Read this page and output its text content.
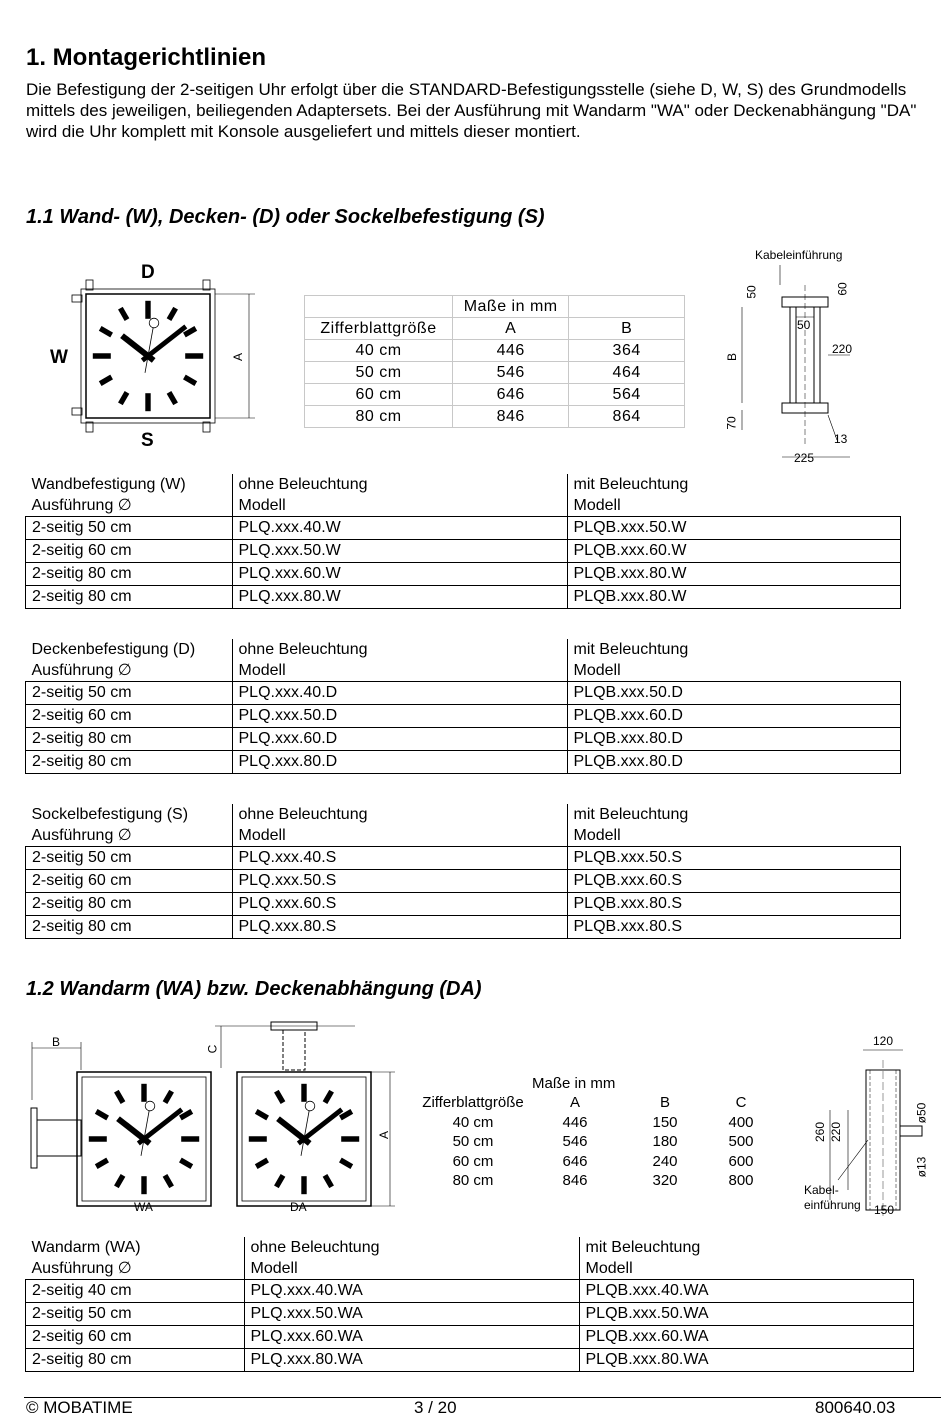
1. Montagerichtlinien

Die Befestigung der 2-seitigen Uhr erfolgt über die STANDARD-Befestigungsstelle (siehe D, W, S) des Grundmodells mittels des jeweiligen, beiliegenden Adaptersets. Bei der Ausführung mit Wandarm "WA" oder Deckenabhängung "DA" wird die Uhr komplett mit Konsole ausgeliefert und mittels dieser montiert.

1.1 Wand- (W), Decken- (D) oder Sockelbefestigung (S)
D
W
S
A
	Maße in mm	
Zifferblattgröße	A	B
40 cm	446	364
50 cm	546	464
60 cm	646	564
80 cm	846	864
Kabeleinführung
50	60
50
220
B
70
13
225
Wandbefestigung (W)	ohne Beleuchtung	mit Beleuchtung
Ausführung ∅	Modell	Modell
2-seitig 50 cm	PLQ.xxx.40.W	PLQB.xxx.50.W
2-seitig 60 cm	PLQ.xxx.50.W	PLQB.xxx.60.W
2-seitig 80 cm	PLQ.xxx.60.W	PLQB.xxx.80.W
2-seitig 80 cm	PLQ.xxx.80.W	PLQB.xxx.80.W
Deckenbefestigung (D)	ohne Beleuchtung	mit Beleuchtung
Ausführung ∅	Modell	Modell
2-seitig 50 cm	PLQ.xxx.40.D	PLQB.xxx.50.D
2-seitig 60 cm	PLQ.xxx.50.D	PLQB.xxx.60.D
2-seitig 80 cm	PLQ.xxx.60.D	PLQB.xxx.80.D
2-seitig 80 cm	PLQ.xxx.80.D	PLQB.xxx.80.D
Sockelbefestigung (S)	ohne Beleuchtung	mit Beleuchtung
Ausführung ∅	Modell	Modell
2-seitig 50 cm	PLQ.xxx.40.S	PLQB.xxx.50.S
2-seitig 60 cm	PLQ.xxx.50.S	PLQB.xxx.60.S
2-seitig 80 cm	PLQ.xxx.60.S	PLQB.xxx.80.S
2-seitig 80 cm	PLQ.xxx.80.S	PLQB.xxx.80.S
1.2 Wandarm (WA) bzw. Deckenabhängung (DA)
B	C
A
WA	DA
Maße in mm
Zifferblattgröße	A	B	C
40 cm	446	150	400
50 cm	546	180	500
60 cm	646	240	600
80 cm	846	320	800
120
260 220
ø50
ø13
Kabel-
einführung 150
Wandarm (WA)	ohne Beleuchtung	mit Beleuchtung
Ausführung ∅	Modell	Modell
2-seitig 40 cm	PLQ.xxx.40.WA	PLQB.xxx.40.WA
2-seitig 50 cm	PLQ.xxx.50.WA	PLQB.xxx.50.WA
2-seitig 60 cm	PLQ.xxx.60.WA	PLQB.xxx.60.WA
2-seitig 80 cm	PLQ.xxx.80.WA	PLQB.xxx.80.WA
© MOBATIME	3 / 20	800640.03
